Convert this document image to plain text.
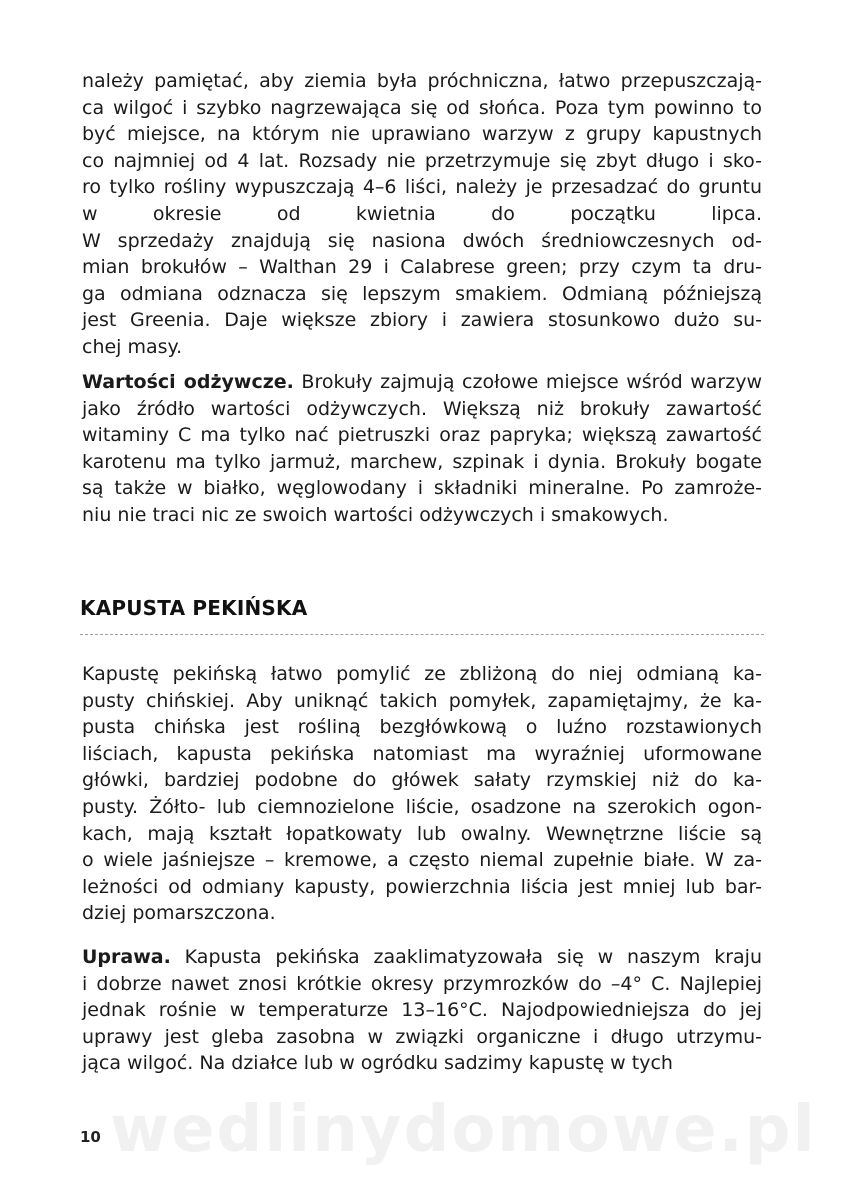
należy pamiętać, aby ziemia była próchniczna, łatwo przepuszczają-
ca wilgoć i szybko nagrzewająca się od słońca. Poza tym powinno to
być miejsce, na którym nie uprawiano warzyw z grupy kapustnych
co najmniej od 4 lat. Rozsady nie przetrzymuje się zbyt długo i sko-
ro tylko rośliny wypuszczają 4–6 liści, należy je przesadzać do gruntu
w okresie od kwietnia do początku lipca.
W sprzedaży znajdują się nasiona dwóch średniowczesnych od-
mian brokułów – Walthan 29 i Calabrese green; przy czym ta dru-
ga odmiana odznacza się lepszym smakiem. Odmianą późniejszą
jest Greenia. Daje większe zbiory i zawiera stosunkowo dużo su-
chej masy.
Wartości odżywcze. Brokuły zajmują czołowe miejsce wśród warzyw
jako źródło wartości odżywczych. Większą niż brokuły zawartość
witaminy C ma tylko nać pietruszki oraz papryka; większą zawartość
karotenu ma tylko jarmuż, marchew, szpinak i dynia. Brokuły bogate
są także w białko, węglowodany i składniki mineralne. Po zamroże-
niu nie traci nic ze swoich wartości odżywczych i smakowych.
KAPUSTA PEKIŃSKA
Kapustę pekińską łatwo pomylić ze zbliżoną do niej odmianą ka-
pusty chińskiej. Aby uniknąć takich pomyłek, zapamiętajmy, że ka-
pusta chińska jest rośliną bezgłówkową o luźno rozstawionych
liściach, kapusta pekińska natomiast ma wyraźniej uformowane
główki, bardziej podobne do główek sałaty rzymskiej niż do ka-
pusty. Żółto- lub ciemnozielone liście, osadzone na szerokich ogon-
kach, mają kształt łopatkowaty lub owalny. Wewnętrzne liście są
o wiele jaśniejsze – kremowe, a często niemal zupełnie białe. W za-
leżności od odmiany kapusty, powierzchnia liścia jest mniej lub bar-
dziej pomarszczona.
Uprawa. Kapusta pekińska zaaklimatyzowała się w naszym kraju
i dobrze nawet znosi krótkie okresy przymrozków do –4° C. Najlepiej
jednak rośnie w temperaturze 13–16°C. Najodpowiedniejsza do jej
uprawy jest gleba zasobna w związki organiczne i długo utrzymu-
jąca wilgoć. Na działce lub w ogródku sadzimy kapustę w tych
wedlinydomowe.pl
10
